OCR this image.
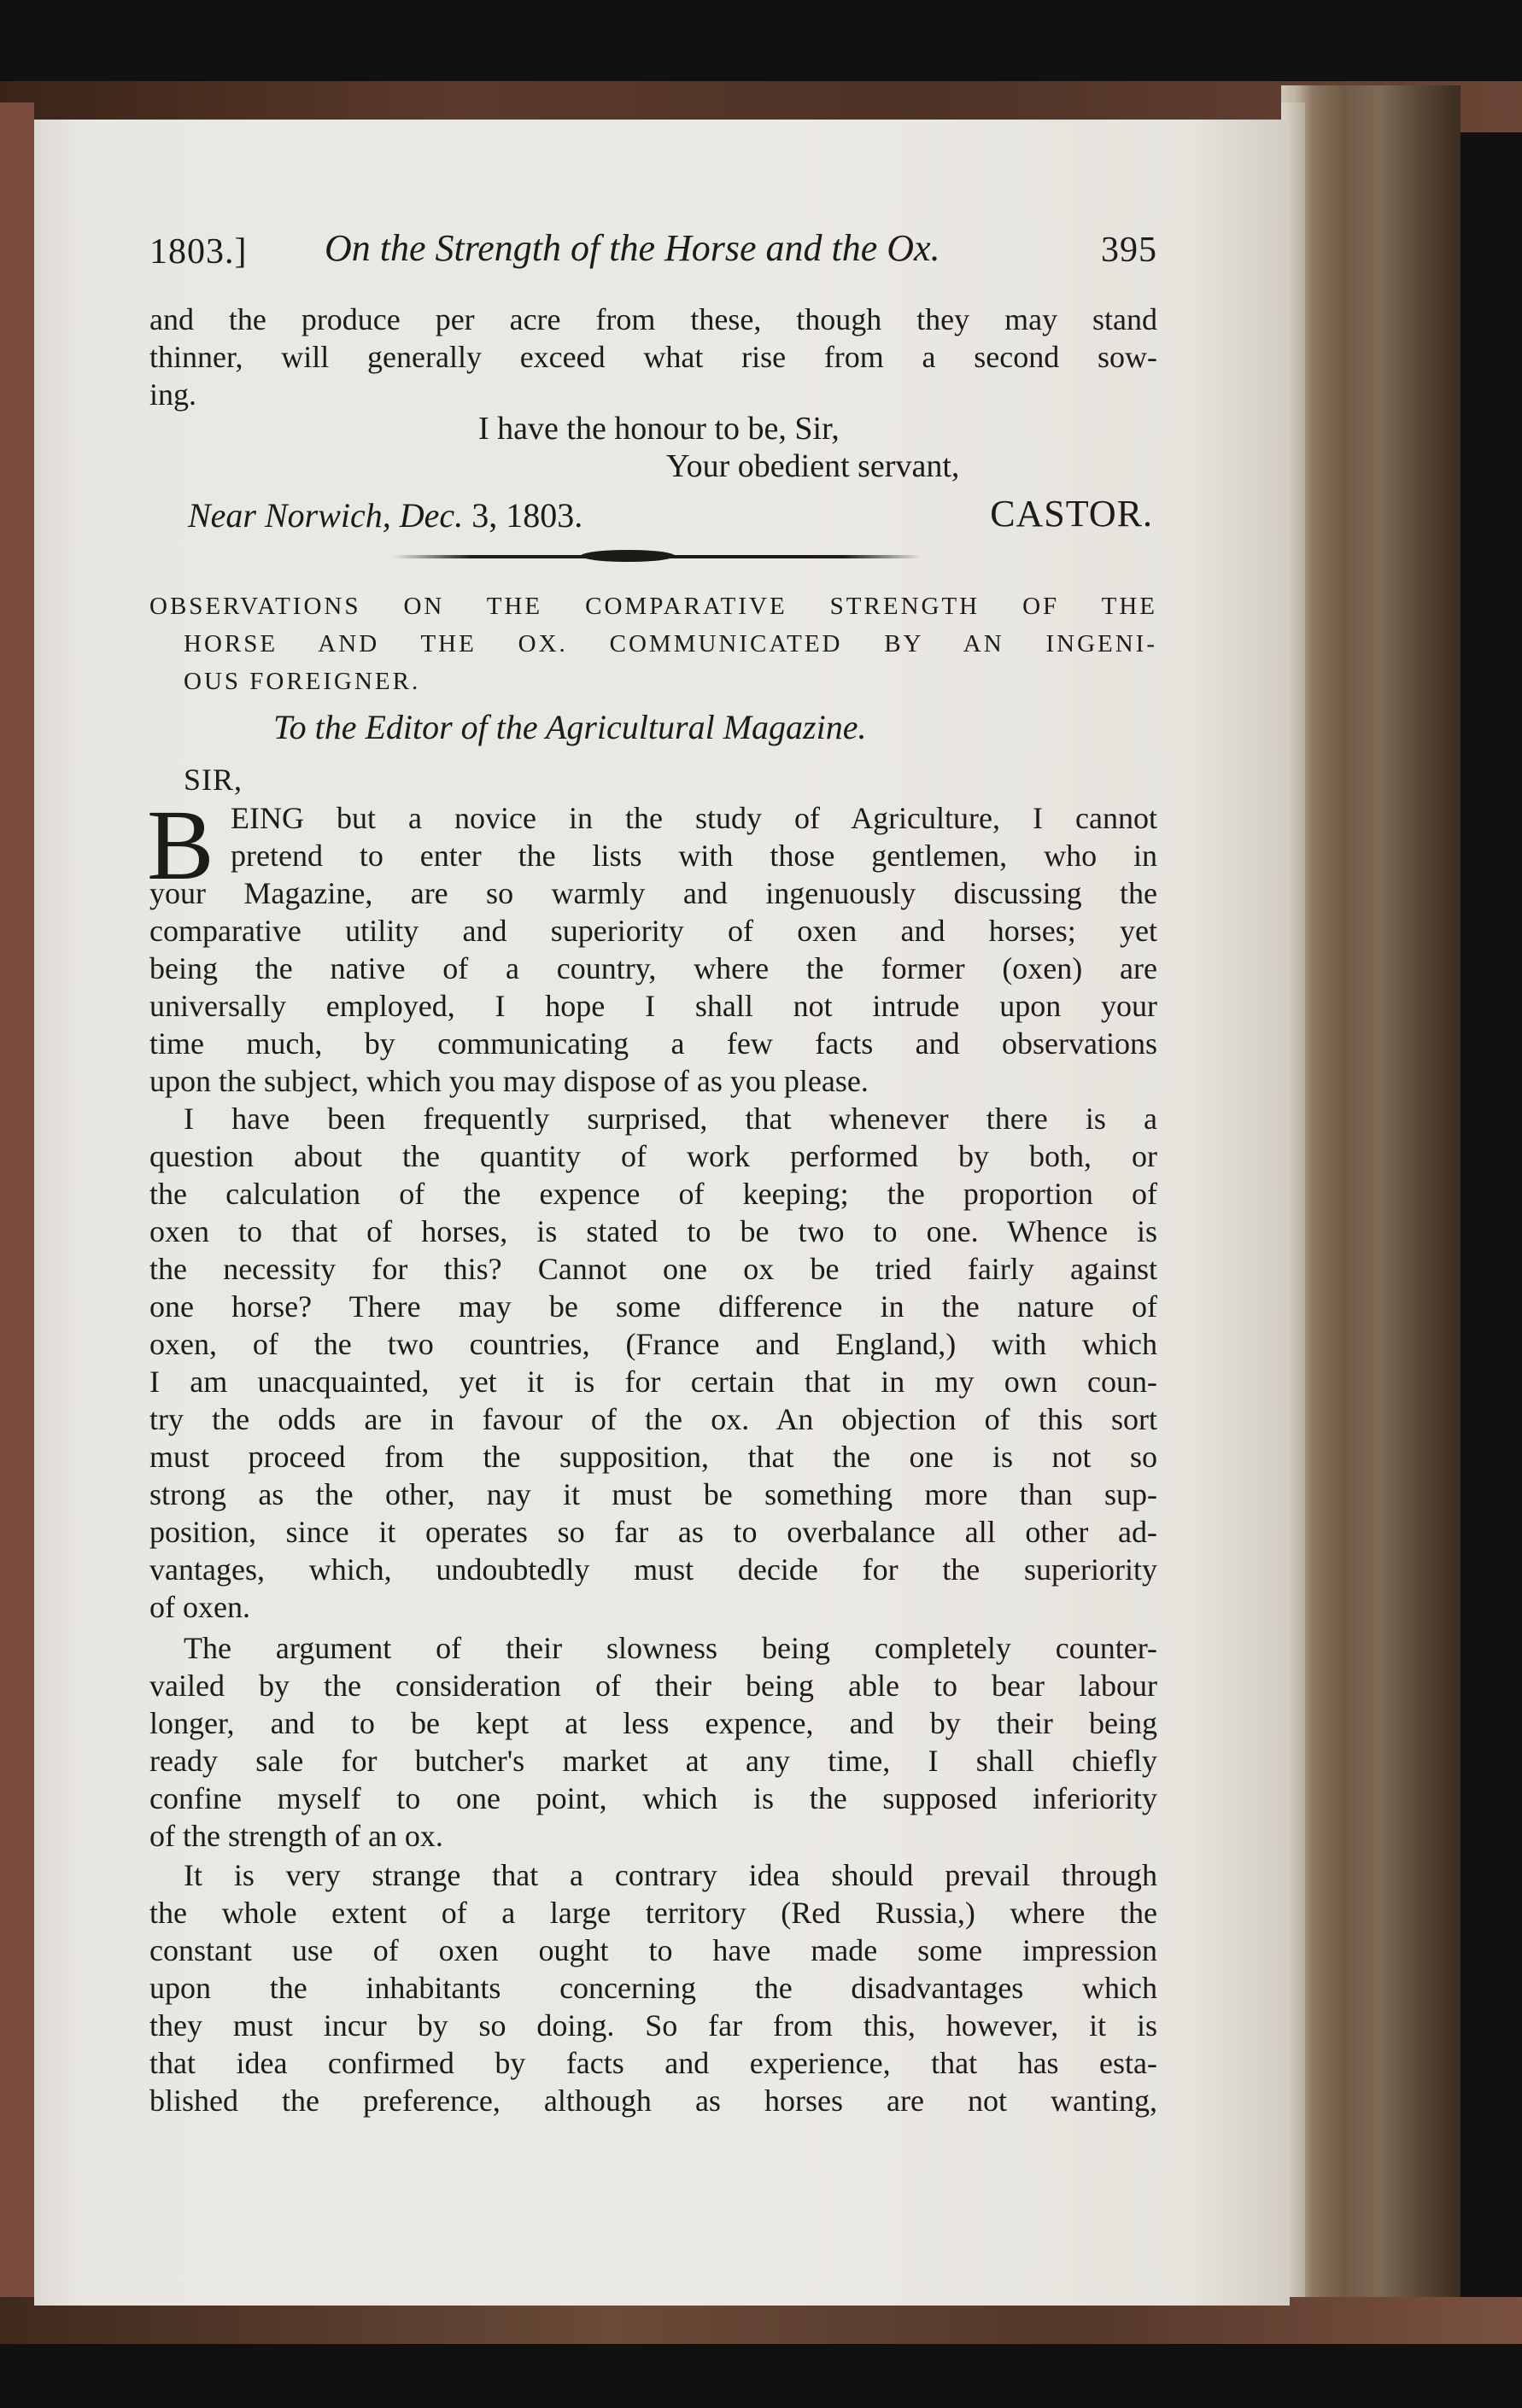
1803.] On the Strength of the Horse and the Ox.	395
and the produce per acre from these, though they may stand
thinner, will generally exceed what rise from a second sow-
ing.
I have the honour to be, Sir,
Your obedient servant,
Near Norwich, Dec. 3, 1803.	CASTOR.
OBSERVATIONS ON THE COMPARATIVE STRENGTH OF THE
HORSE AND THE OX. COMMUNICATED BY AN INGENI-
OUS FOREIGNER.
To the Editor of the Agricultural Magazine.
SIR,
B EING but a novice in the study of Agriculture, I cannot
pretend to enter the lists with those gentlemen, who in
your Magazine, are so warmly and ingenuously discussing the
comparative utility and superiority of oxen and horses; yet
being the native of a country, where the former (oxen) are
universally employed, I hope I shall not intrude upon your
time much, by communicating a few facts and observations
upon the subject, which you may dispose of as you please.
I have been frequently surprised, that whenever there is a
question about the quantity of work performed by both, or
the calculation of the expence of keeping; the proportion of
oxen to that of horses, is stated to be two to one. Whence is
the necessity for this? Cannot one ox be tried fairly against
one horse? There may be some difference in the nature of
oxen, of the two countries, (France and England,) with which
I am unacquainted, yet it is for certain that in my own coun-
try the odds are in favour of the ox. An objection of this sort
must proceed from the supposition, that the one is not so
strong as the other, nay it must be something more than sup-
position, since it operates so far as to overbalance all other ad-
vantages, which, undoubtedly must decide for the superiority
of oxen.
The argument of their slowness being completely counter-
vailed by the consideration of their being able to bear labour
longer, and to be kept at less expence, and by their being
ready sale for butcher's market at any time, I shall chiefly
confine myself to one point, which is the supposed inferiority
of the strength of an ox.
It is very strange that a contrary idea should prevail through
the whole extent of a large territory (Red Russia,) where the
constant use of oxen ought to have made some impression
upon the inhabitants concerning the disadvantages which
they must incur by so doing. So far from this, however, it is
that idea confirmed by facts and experience, that has esta-
blished the preference, although as horses are not wanting,
